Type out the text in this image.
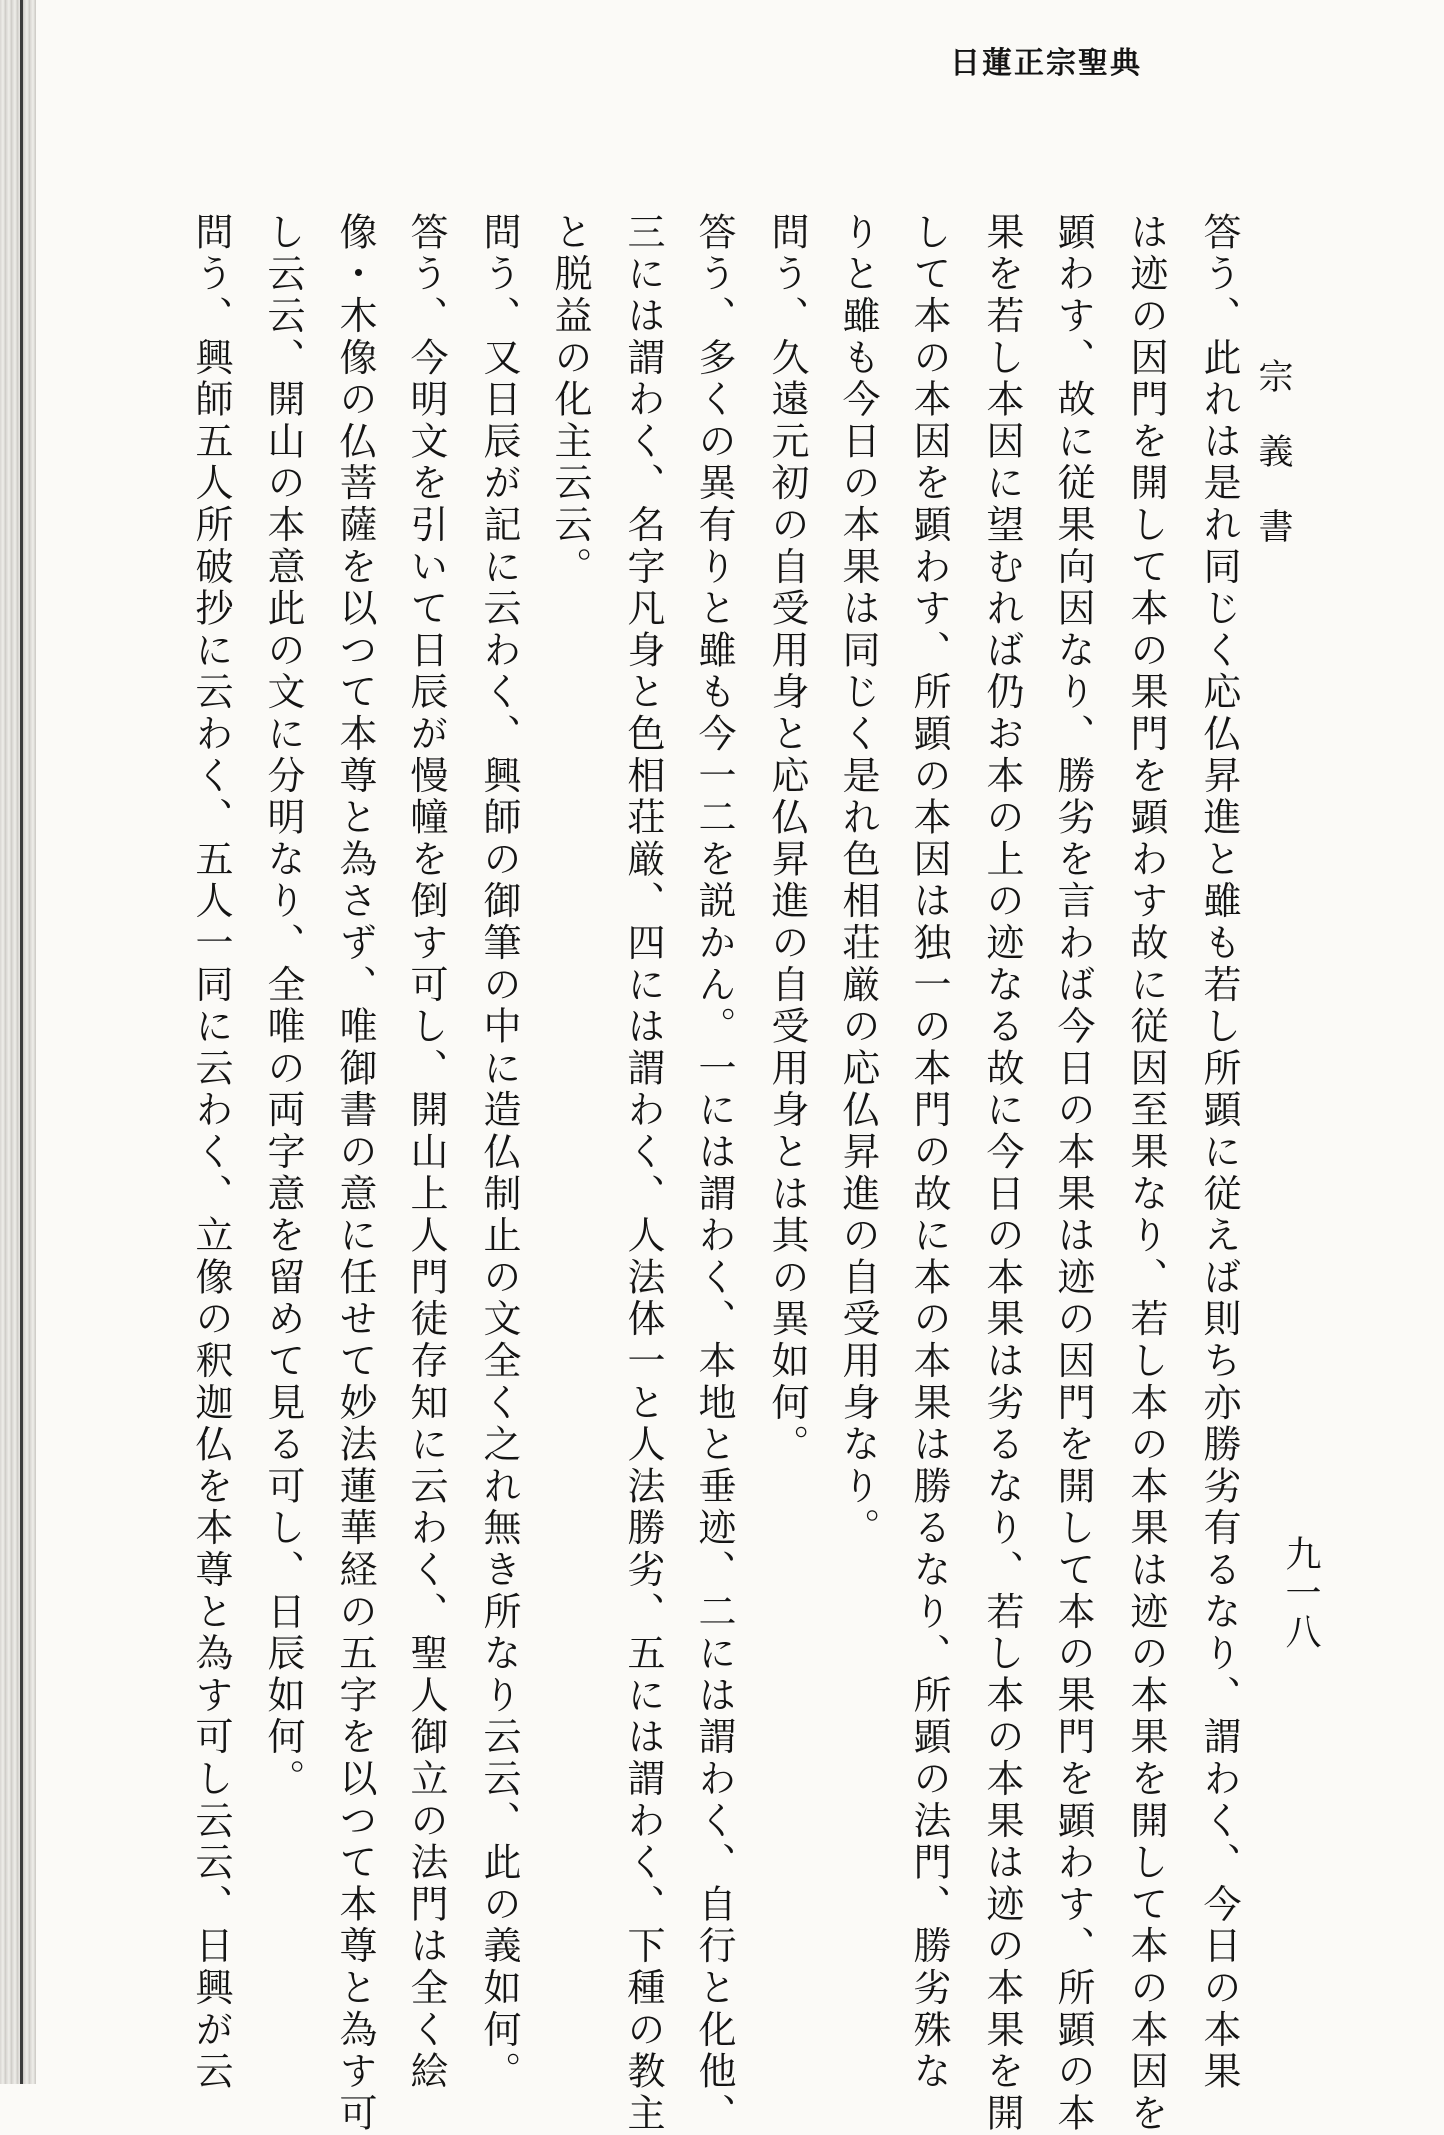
日蓮正宗聖典
宗義書
九一八
答う、此れは是れ同じく応仏昇進と雖も若し所顕に従えば則ち亦勝劣有るなり、謂わく、今日の本果
は迹の因門を開して本の果門を顕わす故に従因至果なり、若し本の本果は迹の本果を開して本の本因を
顕わす、故に従果向因なり、勝劣を言わば今日の本果は迹の因門を開して本の果門を顕わす、所顕の本
果を若し本因に望むれば仍お本の上の迹なる故に今日の本果は劣るなり、若し本の本果は迹の本果を開
して本の本因を顕わす、所顕の本因は独一の本門の故に本の本果は勝るなり、所顕の法門、勝劣殊な
りと雖も今日の本果は同じく是れ色相荘厳の応仏昇進の自受用身なり。
問う、久遠元初の自受用身と応仏昇進の自受用身とは其の異如何。
答う、多くの異有りと雖も今一二を説かん。一には謂わく、本地と垂迹、二には謂わく、自行と化他、
三には謂わく、名字凡身と色相荘厳、四には謂わく、人法体一と人法勝劣、五には謂わく、下種の教主
と脱益の化主云云。
問う、又日辰が記に云わく、興師の御筆の中に造仏制止の文全く之れ無き所なり云云、此の義如何。
答う、今明文を引いて日辰が慢幢を倒す可し、開山上人門徒存知に云わく、聖人御立の法門は全く絵
像・木像の仏菩薩を以つて本尊と為さず、唯御書の意に任せて妙法蓮華経の五字を以つて本尊と為す可
し云云、開山の本意此の文に分明なり、全唯の両字意を留めて見る可し、日辰如何。
問う、興師五人所破抄に云わく、五人一同に云わく、立像の釈迦仏を本尊と為す可し云云、日興が云
